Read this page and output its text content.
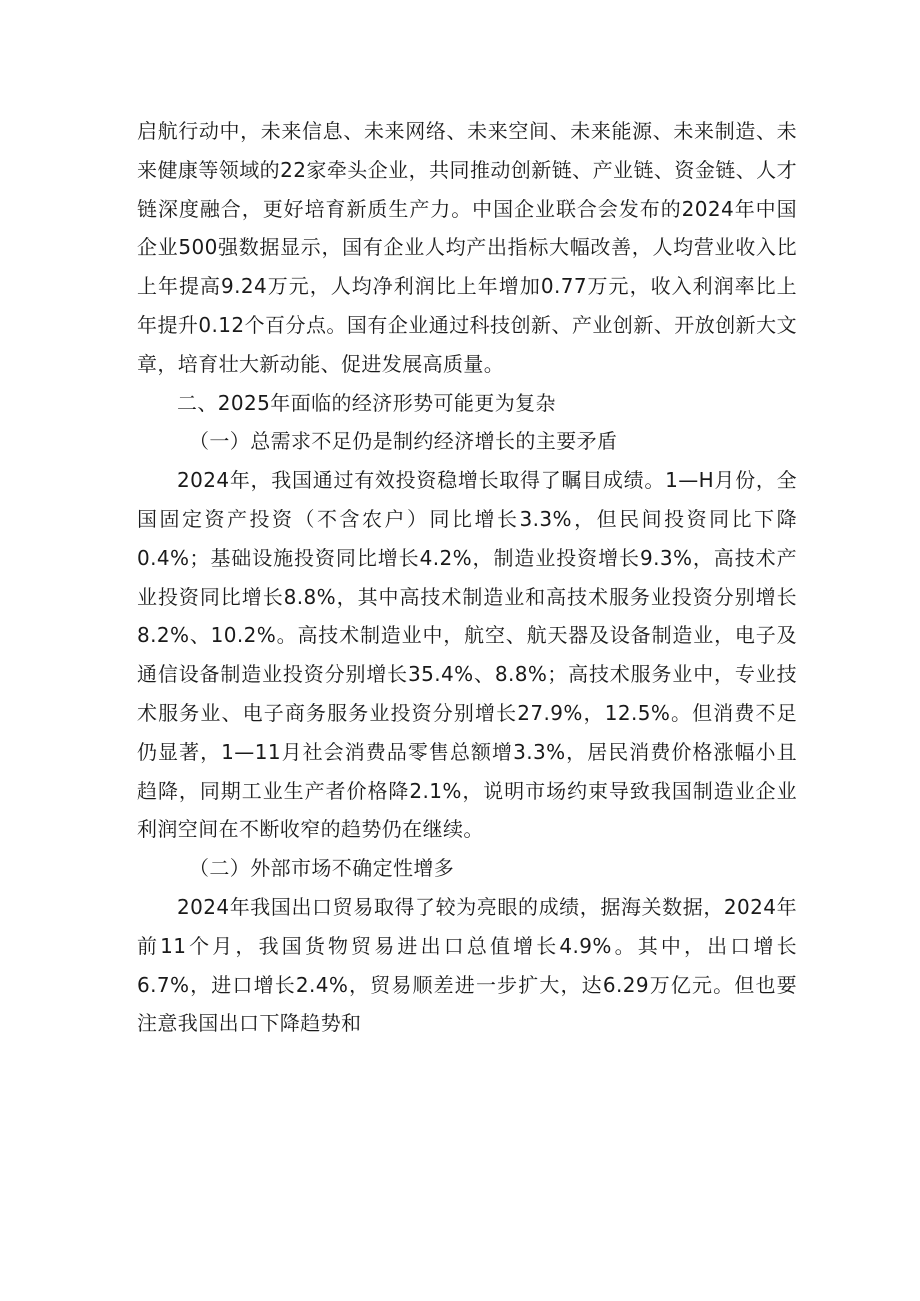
启航行动中，未来信息、未来网络、未来空间、未来能源、未来制造、未来健康等领域的22家牵头企业，共同推动创新链、产业链、资金链、人才链深度融合，更好培育新质生产力。中国企业联合会发布的2024年中国企业500强数据显示，国有企业人均产出指标大幅改善，人均营业收入比上年提高9.24万元，人均净利润比上年增加0.77万元，收入利润率比上年提升0.12个百分点。国有企业通过科技创新、产业创新、开放创新大文章，培育壮大新动能、促进发展高质量。

二、2025年面临的经济形势可能更为复杂

（一）总需求不足仍是制约经济增长的主要矛盾

2024年，我国通过有效投资稳增长取得了瞩目成绩。1—H月份，全国固定资产投资（不含农户）同比增长3.3%，但民间投资同比下降0.4%；基础设施投资同比增长4.2%，制造业投资增长9.3%，高技术产业投资同比增长8.8%，其中高技术制造业和高技术服务业投资分别增长8.2%、10.2%。高技术制造业中，航空、航天器及设备制造业，电子及通信设备制造业投资分别增长35.4%、8.8%；高技术服务业中，专业技术服务业、电子商务服务业投资分别增长27.9%，12.5%。但消费不足仍显著，1—11月社会消费品零售总额增3.3%，居民消费价格涨幅小且趋降，同期工业生产者价格降2.1%，说明市场约束导致我国制造业企业利润空间在不断收窄的趋势仍在继续。

（二）外部市场不确定性增多

2024年我国出口贸易取得了较为亮眼的成绩，据海关数据，2024年前11个月，我国货物贸易进出口总值增长4.9%。其中，出口增长6.7%，进口增长2.4%，贸易顺差进一步扩大，达6.29万亿元。但也要注意我国出口下降趋势和
